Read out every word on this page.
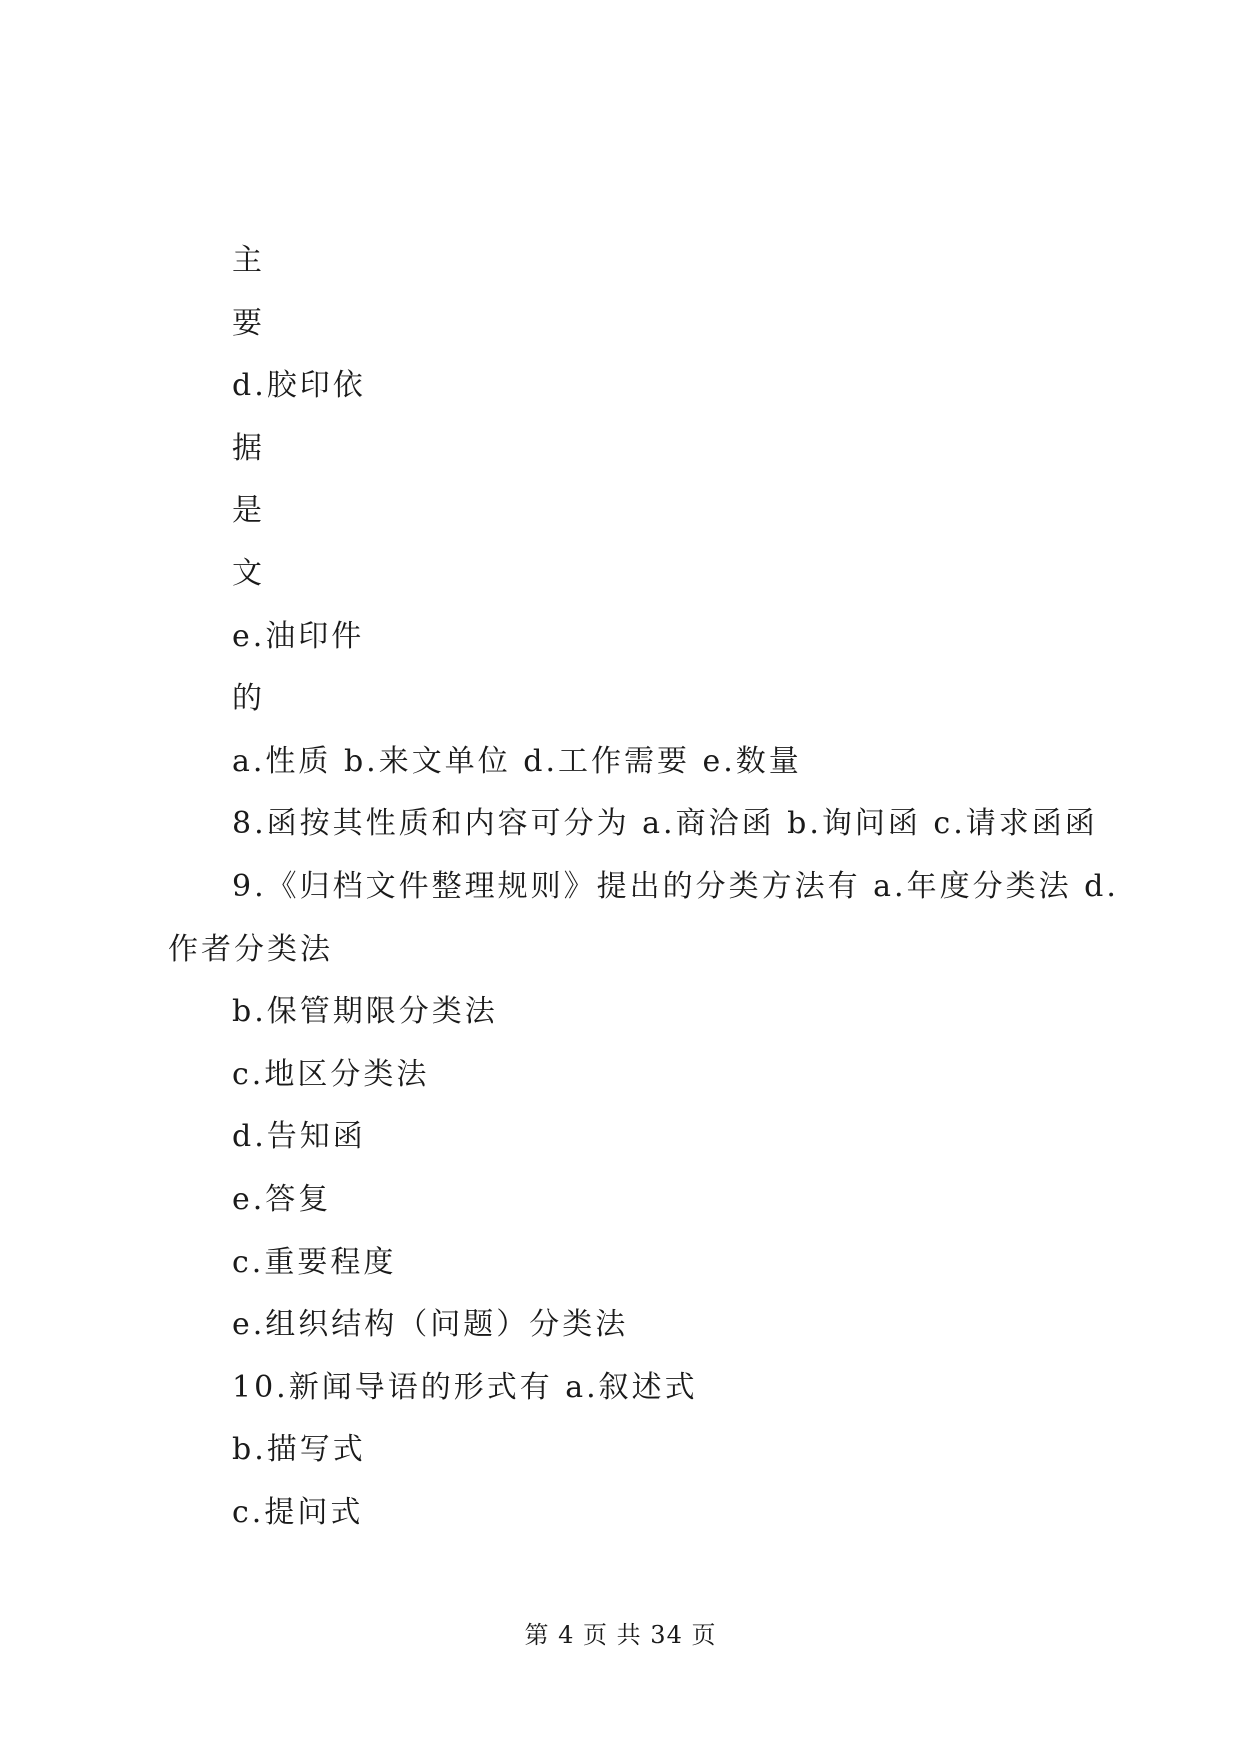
主
要
d.胶印依
据
是
文
e.油印件
的
a.性质 b.来文单位 d.工作需要 e.数量
8.函按其性质和内容可分为 a.商洽函 b.询问函 c.请求函函
9.《归档文件整理规则》提出的分类方法有 a.年度分类法 d.
作者分类法
b.保管期限分类法
c.地区分类法
d.告知函
e.答复
c.重要程度
e.组织结构（问题）分类法
10.新闻导语的形式有 a.叙述式
b.描写式
c.提问式
第 4 页 共 34 页
